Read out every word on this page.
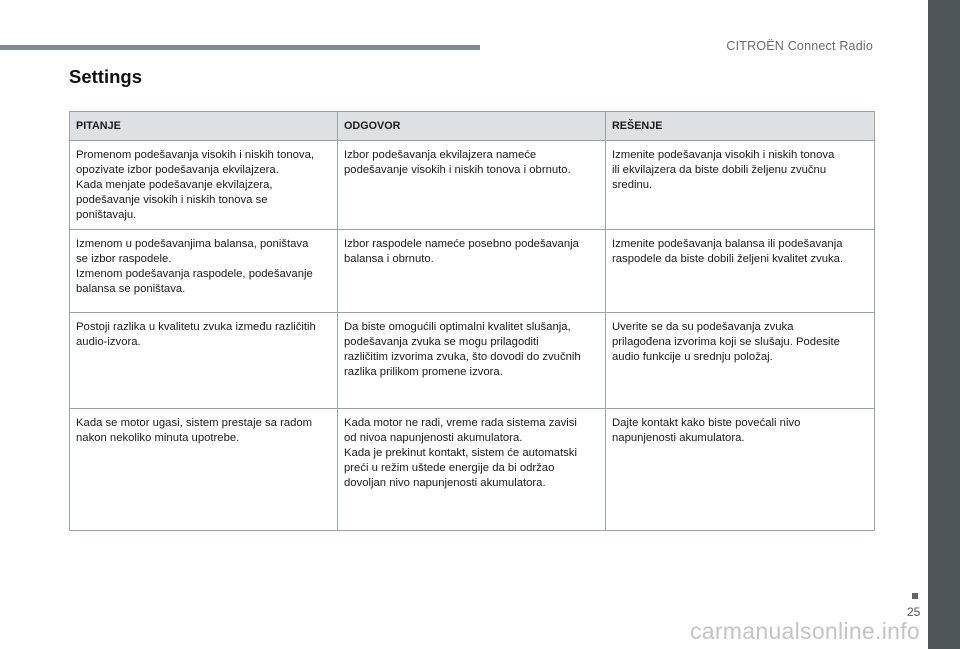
CITROËN Connect Radio
Settings
PITANJE	ODGOVOR	REŠENJE

Promenom podešavanja visokih i niskih tonova,
opozivate izbor podešavanja ekvilajzera.
Kada menjate podešavanje ekvilajzera,
podešavanje visokih i niskih tonova se
poništavaju.	Izbor podešavanja ekvilajzera nameće
podešavanje visokih i niskih tonova i obrnuto.	Izmenite podešavanja visokih i niskih tonova
ili ekvilajzera da biste dobili željenu zvučnu
sredinu.

Izmenom u podešavanjima balansa, poništava
se izbor raspodele.
Izmenom podešavanja raspodele, podešavanje
balansa se poništava.	Izbor raspodele nameće posebno podešavanja
balansa i obrnuto.	Izmenite podešavanja balansa ili podešavanja
raspodele da biste dobili željeni kvalitet zvuka.

Postoji razlika u kvalitetu zvuka između različitih
audio-izvora.	Da biste omogućili optimalni kvalitet slušanja,
podešavanja zvuka se mogu prilagoditi
različitim izvorima zvuka, što dovodi do zvučnih
razlika prilikom promene izvora.	Uverite se da su podešavanja zvuka
prilagođena izvorima koji se slušaju. Podesite
audio funkcije u srednju položaj.

Kada se motor ugasi, sistem prestaje sa radom
nakon nekoliko minuta upotrebe.	Kada motor ne radi, vreme rada sistema zavisi
od nivoa napunjenosti akumulatora.
Kada je prekinut kontakt, sistem će automatski
preći u režim uštede energije da bi održao
dovoljan nivo napunjenosti akumulatora.	Dajte kontakt kako biste povećali nivo
napunjenosti akumulatora.
25
carmanualsonline.info
